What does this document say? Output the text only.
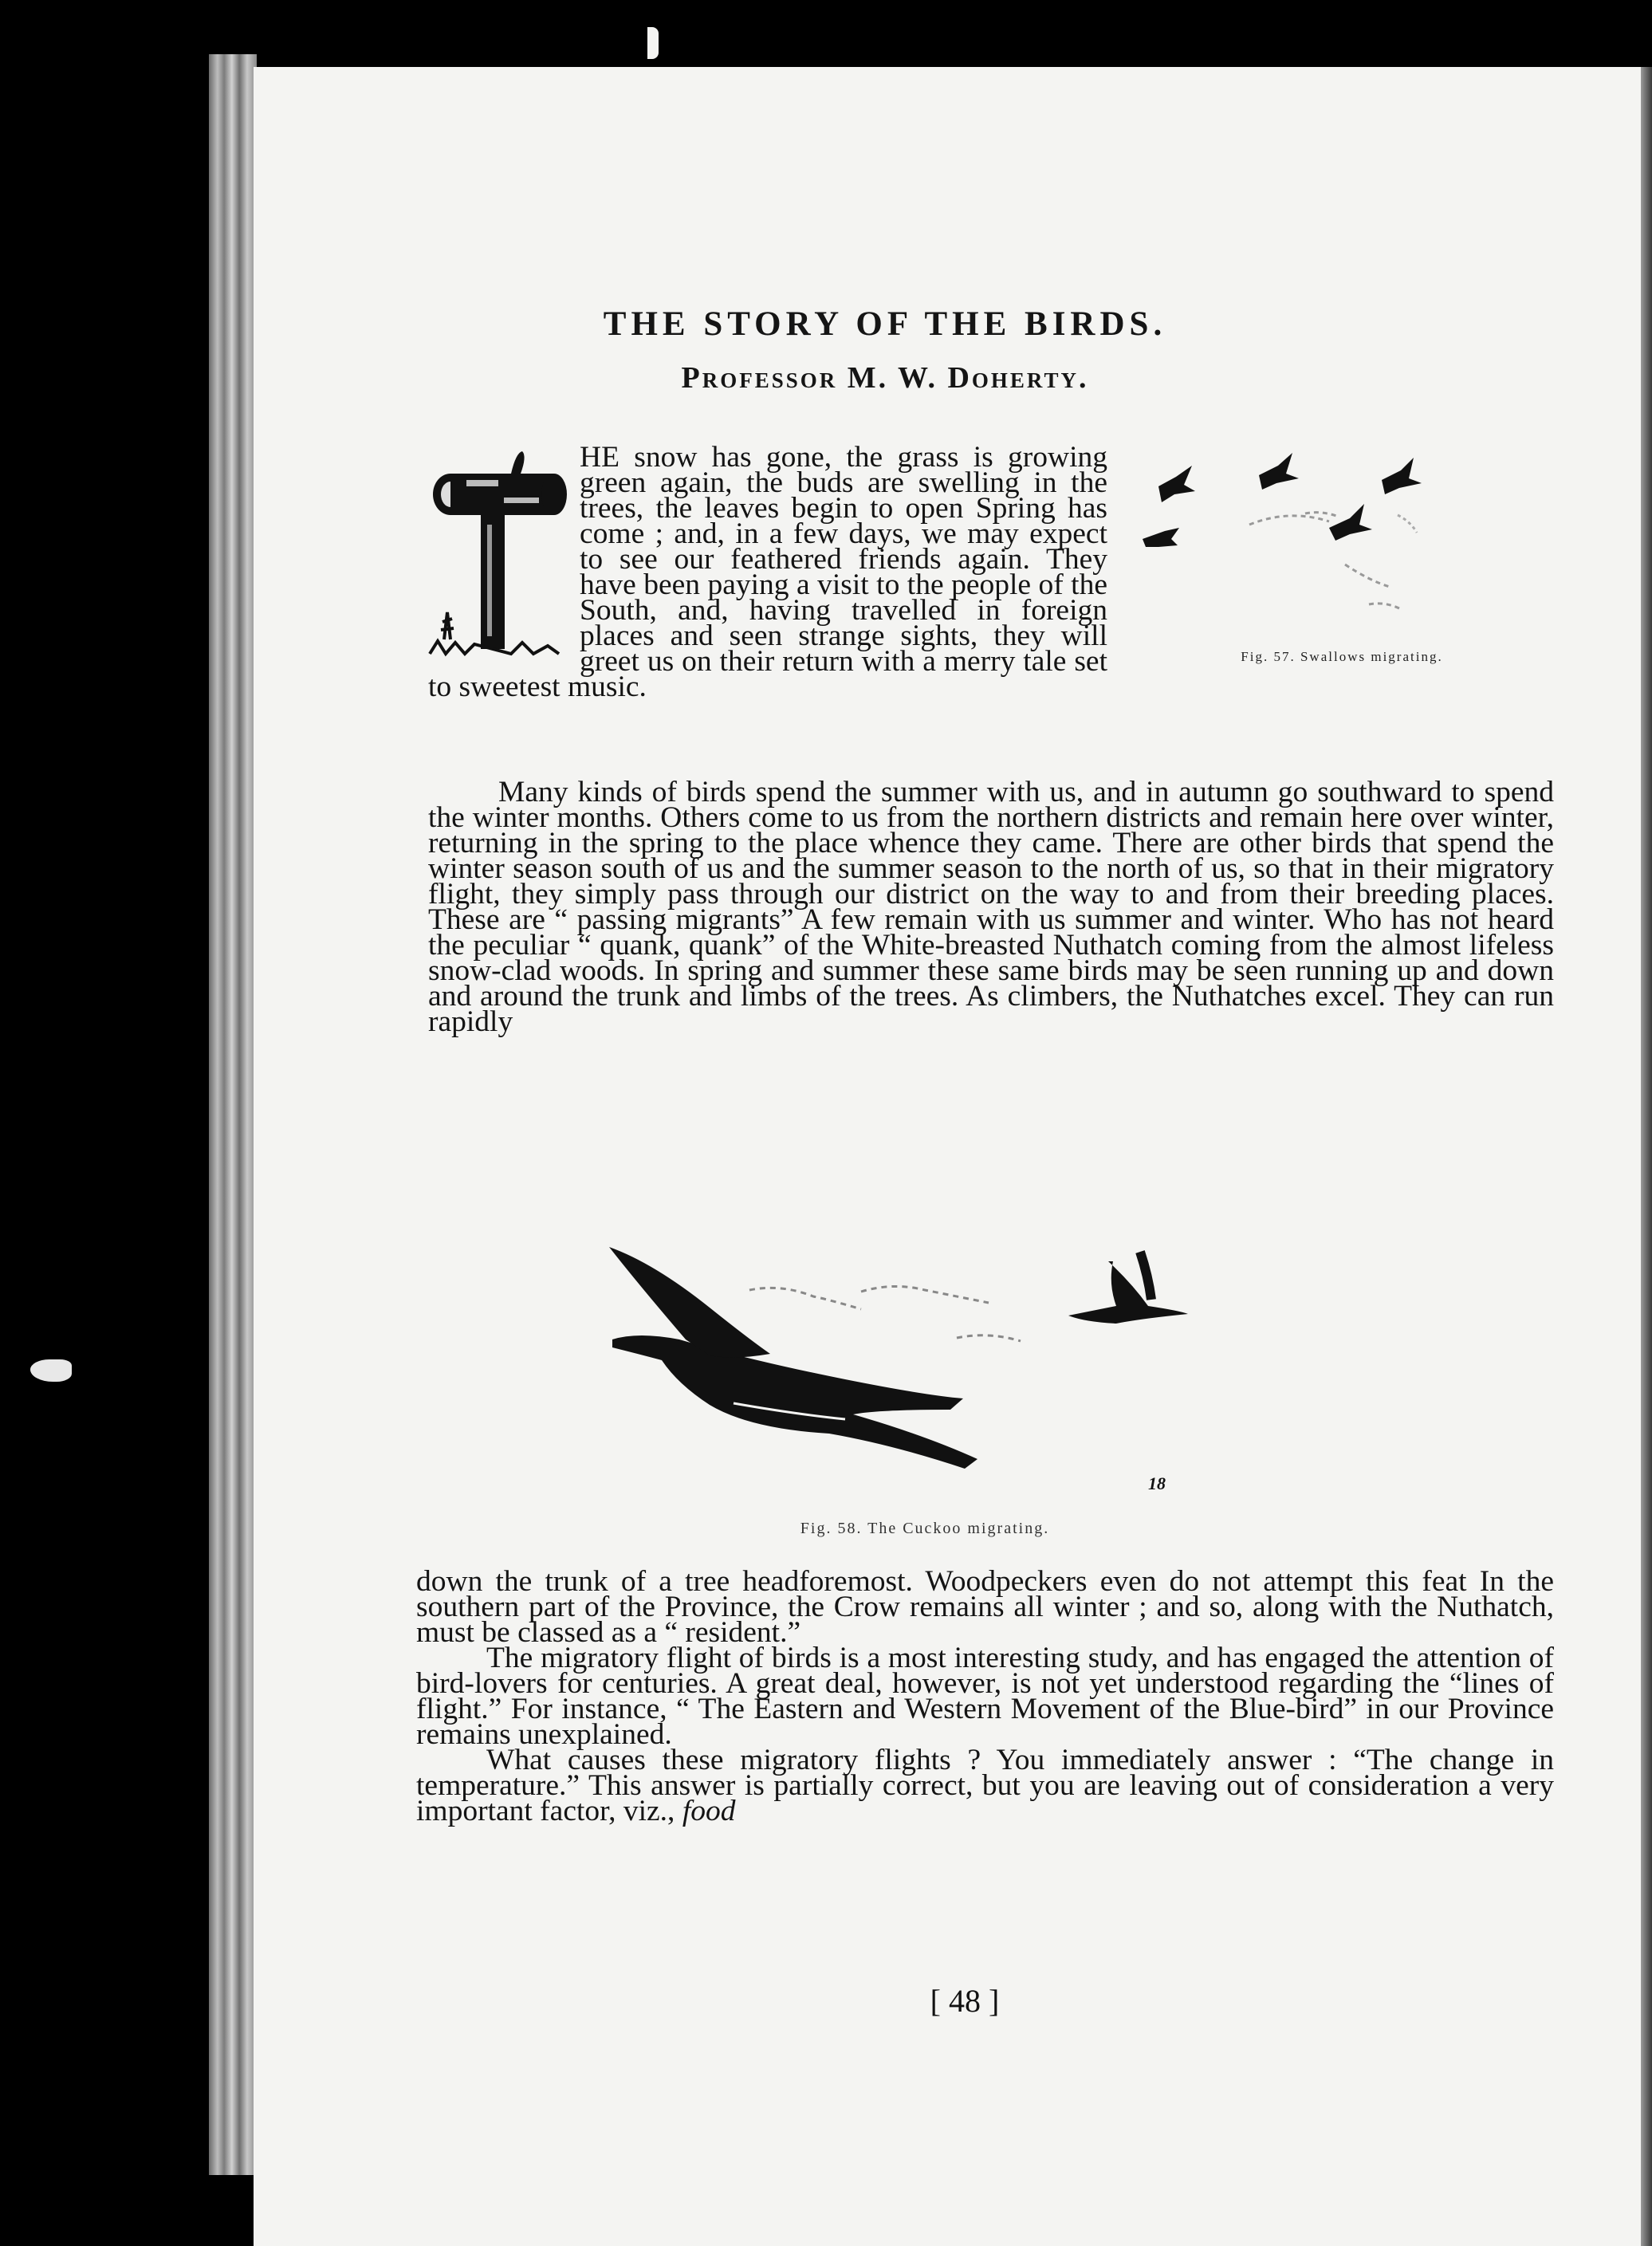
THE STORY OF THE BIRDS.
Professor M. W. Doherty.
Fig. 57. Swallows migrating.
HE snow has gone, the grass is growing green again, the buds are swelling in the trees, the leaves begin to open Spring has come ; and, in a few days, we may expect to see our feathered friends again. They have been paying a visit to the people of the South, and, having travelled in foreign places and seen strange sights, they will greet us on their return with a merry tale set to sweetest music.

Many kinds of birds spend the summer with us, and in autumn go southward to spend the winter months. Others come to us from the northern districts and remain here over winter, returning in the spring to the place whence they came. There are other birds that spend the winter season south of us and the summer season to the north of us, so that in their migratory flight, they simply pass through our district on the way to and from their breeding places. These are “ passing migrants” A few remain with us summer and winter. Who has not heard the peculiar “ quank, quank” of the White-breasted Nuthatch coming from the almost lifeless snow-clad woods. In spring and summer these same birds may be seen running up and down and around the trunk and limbs of the trees. As climbers, the Nuthatches excel. They can run rapidly

18
Fig. 58. The Cuckoo migrating.

down the trunk of a tree headforemost. Woodpeckers even do not attempt this feat In the southern part of the Province, the Crow remains all winter ; and so, along with the Nuthatch, must be classed as a “ resident.”

The migratory flight of birds is a most interesting study, and has engaged the attention of bird-lovers for centuries. A great deal, however, is not yet understood regarding the “lines of flight.” For instance, “ The Eastern and Western Movement of the Blue-bird” in our Province remains unexplained.

What causes these migratory flights ? You immediately answer : “The change in temperature.” This answer is partially correct, but you are leaving out of consideration a very important factor, viz., food

[ 48 ]
